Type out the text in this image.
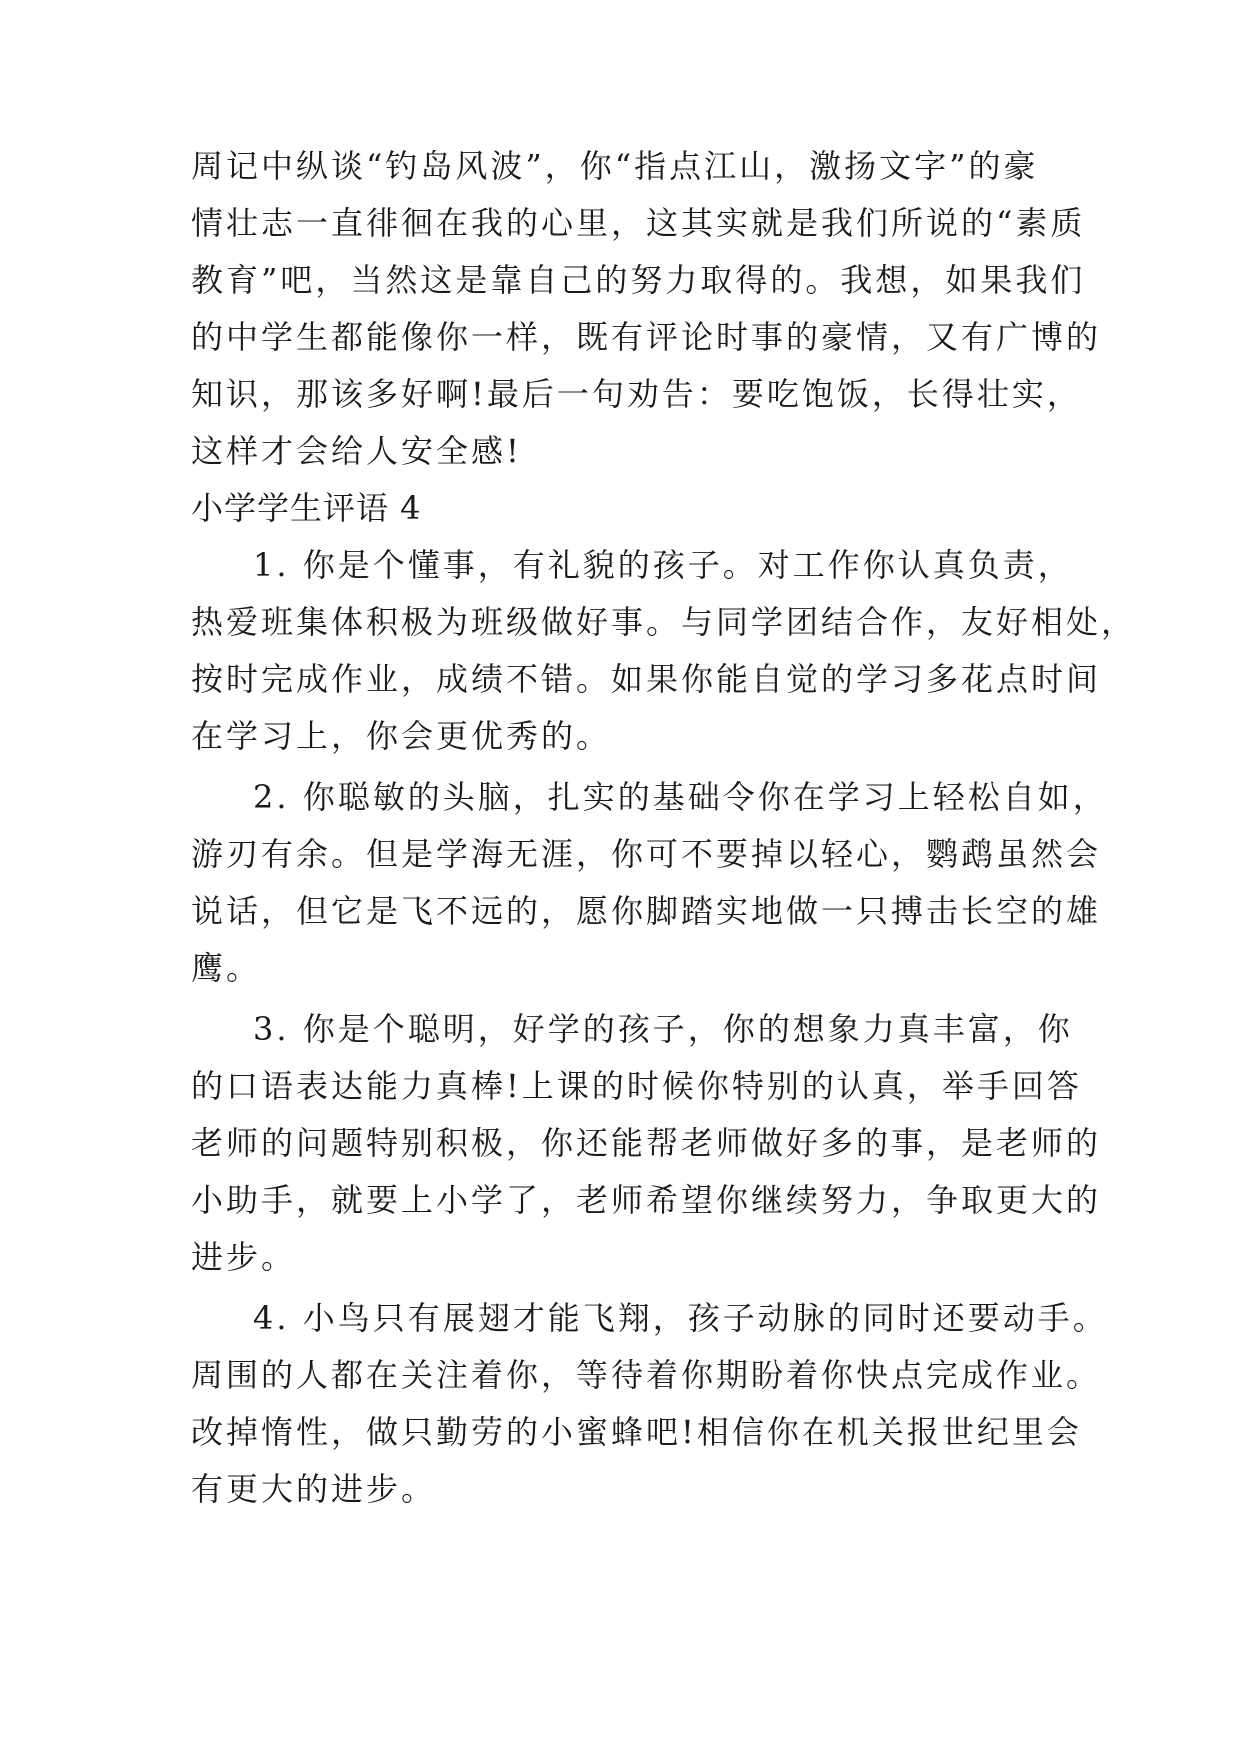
周记中纵谈“钓岛风波”，你“指点江山，激扬文字”的豪
情壮志一直徘徊在我的心里，这其实就是我们所说的“素质
教育”吧，当然这是靠自己的努力取得的。我想，如果我们
的中学生都能像你一样，既有评论时事的豪情，又有广博的
知识，那该多好啊!最后一句劝告：要吃饱饭，长得壮实，
这样才会给人安全感!
小学学生评语 4
1. 你是个懂事，有礼貌的孩子。对工作你认真负责，
热爱班集体积极为班级做好事。与同学团结合作，友好相处，
按时完成作业，成绩不错。如果你能自觉的学习多花点时间
在学习上，你会更优秀的。
2. 你聪敏的头脑，扎实的基础令你在学习上轻松自如，
游刃有余。但是学海无涯，你可不要掉以轻心，鹦鹉虽然会
说话，但它是飞不远的，愿你脚踏实地做一只搏击长空的雄
鹰。
3. 你是个聪明，好学的孩子，你的想象力真丰富，你
的口语表达能力真棒!上课的时候你特别的认真，举手回答
老师的问题特别积极，你还能帮老师做好多的事，是老师的
小助手，就要上小学了，老师希望你继续努力，争取更大的
进步。
4. 小鸟只有展翅才能飞翔，孩子动脉的同时还要动手。
周围的人都在关注着你，等待着你期盼着你快点完成作业。
改掉惰性，做只勤劳的小蜜蜂吧!相信你在机关报世纪里会
有更大的进步。
